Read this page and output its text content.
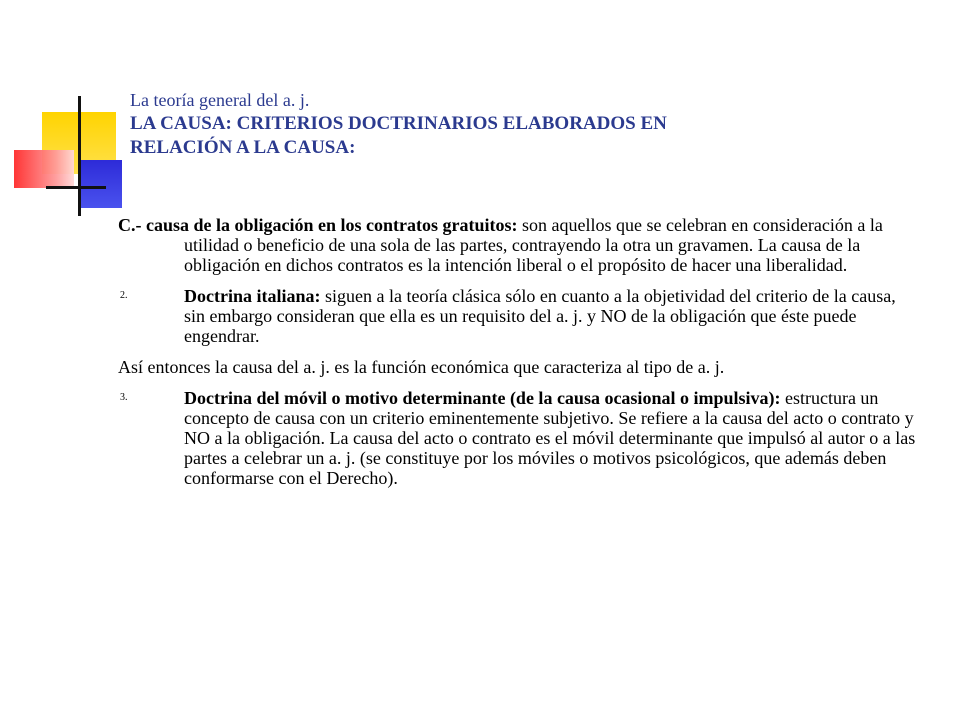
La teoría general del a. j.
LA CAUSA: CRITERIOS DOCTRINARIOS ELABORADOS EN
RELACIÓN A LA CAUSA:

C.- causa de la obligación en los contratos gratuitos: son aquellos que se celebran en consideración a la utilidad o beneficio de una sola de las partes, contrayendo la otra un gravamen. La causa de la obligación en dichos contratos es la intención liberal o el propósito de hacer una liberalidad.

2.	Doctrina italiana: siguen a la teoría clásica sólo en cuanto a la objetividad del criterio de la causa, sin embargo consideran que ella es un requisito del a. j. y NO de la obligación que éste puede engendrar.

Así entonces la causa del a. j. es la función económica que caracteriza al tipo de a. j.

3.	Doctrina del móvil o motivo determinante (de la causa ocasional o impulsiva): estructura un concepto de causa con un criterio eminentemente subjetivo. Se refiere a la causa del acto o contrato y NO a la obligación. La causa del acto o contrato es el móvil determinante que impulsó al autor o a las partes a celebrar un a. j. (se constituye por los móviles o motivos psicológicos, que además deben conformarse con el Derecho).
